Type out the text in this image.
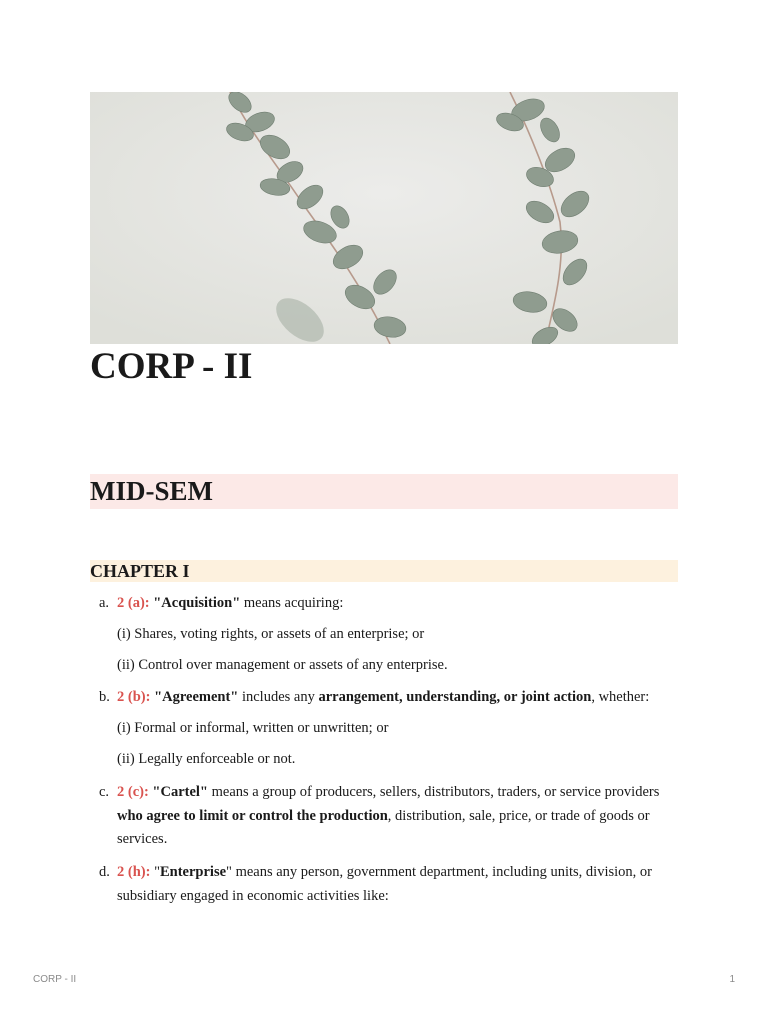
CORP - II
MID-SEM
CHAPTER I
a. 2 (a): "Acquisition" means acquiring:
(i) Shares, voting rights, or assets of an enterprise; or
(ii) Control over management or assets of any enterprise.
b. 2 (b): "Agreement" includes any arrangement, understanding, or joint action, whether:
(i) Formal or informal, written or unwritten; or
(ii) Legally enforceable or not.
c. 2 (c): "Cartel" means a group of producers, sellers, distributors, traders, or service providers who agree to limit or control the production, distribution, sale, price, or trade of goods or services.
d. 2 (h): "Enterprise" means any person, government department, including units, division, or subsidiary engaged in economic activities like:
CORP - II	1
